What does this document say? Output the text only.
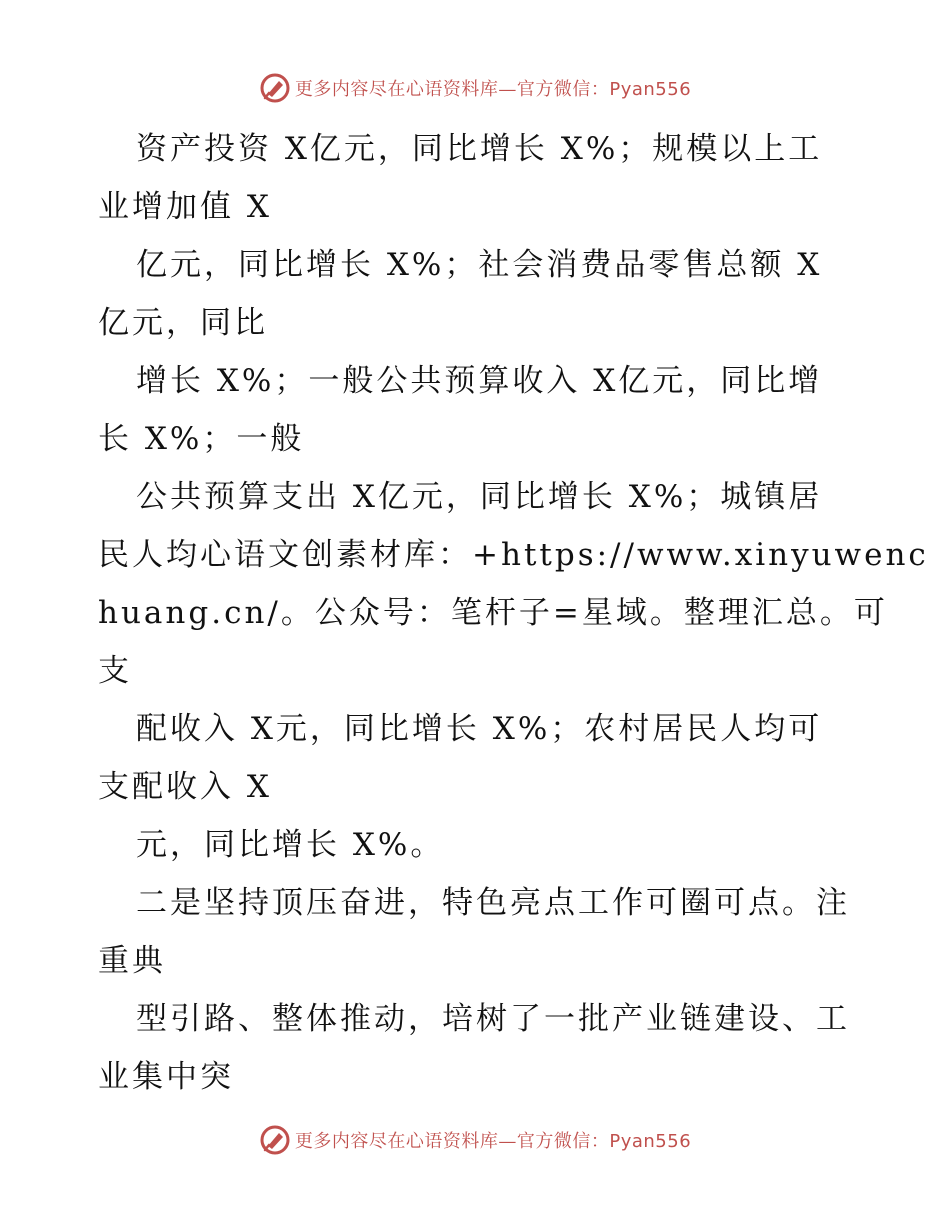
更多内容尽在心语资料库—官方微信：Pyan556
资产投资 X亿元，同比增长 X%；规模以上工
业增加值 X
亿元，同比增长 X%；社会消费品零售总额 X
亿元，同比
增长 X%；一般公共预算收入 X亿元，同比增
长 X%；一般
公共预算支出 X亿元，同比增长 X%；城镇居
民人均心语文创素材库：+https://www.xinyuwenc
huang.cn/。公众号：笔杆子=星域。整理汇总。可
支
配收入 X元，同比增长 X%；农村居民人均可
支配收入 X
元，同比增长 X%。
二是坚持顶压奋进，特色亮点工作可圈可点。注
重典
型引路、整体推动，培树了一批产业链建设、工
业集中突
更多内容尽在心语资料库—官方微信：Pyan556
